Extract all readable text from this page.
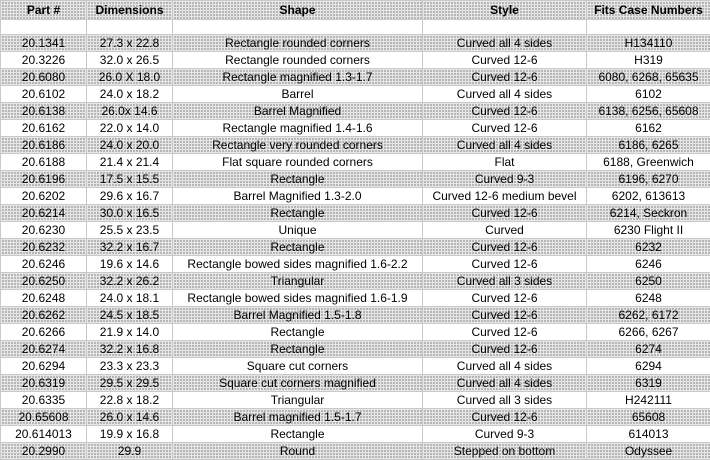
Part #	Dimensions	Shape	Style	Fits Case Numbers

20.1341	27.3 x 22.8	Rectangle rounded corners	Curved all 4 sides	H134110
20.3226	32.0 x 26.5	Rectangle rounded corners	Curved 12-6	H319
20.6080	26.0 X 18.0	Rectangle magnified 1.3-1.7	Curved 12-6	6080, 6268, 65635
20.6102	24.0 x 18.2	Barrel	Curved all 4 sides	6102
20.6138	26.0x 14.6	Barrel Magnified	Curved 12-6	6138, 6256, 65608
20.6162	22.0 x 14.0	Rectangle magnified 1.4-1.6	Curved 12-6	6162
20.6186	24.0 x 20.0	Rectangle very rounded corners	Curved all 4 sides	6186, 6265
20.6188	21.4 x 21.4	Flat square rounded corners	Flat	6188, Greenwich
20.6196	17.5 x 15.5	Rectangle	Curved 9-3	6196, 6270
20.6202	29.6 x 16.7	Barrel Magnified 1.3-2.0	Curved 12-6 medium bevel	6202, 613613
20.6214	30.0 x 16.5	Rectangle	Curved 12-6	6214, Seckron
20.6230	25.5 x 23.5	Unique	Curved	6230 Flight II
20.6232	32.2 x 16.7	Rectangle	Curved 12-6	6232
20.6246	19.6 x 14.6	Rectangle bowed sides magnified 1.6-2.2	Curved 12-6	6246
20.6250	32.2 x 26.2	Triangular	Curved all 3 sides	6250
20.6248	24.0 x 18.1	Rectangle bowed sides magnified 1.6-1.9	Curved 12-6	6248
20.6262	24.5 x 18.5	Barrel Magnified 1.5-1.8	Curved 12-6	6262, 6172
20.6266	21.9 x 14.0	Rectangle	Curved 12-6	6266, 6267
20.6274	32.2 x 16.8	Rectangle	Curved 12-6	6274
20.6294	23.3 x 23.3	Square cut corners	Curved all 4 sides	6294
20.6319	29.5 x 29.5	Square cut corners magnified	Curved all 4 sides	6319
20.6335	22.8 x 18.2	Triangular	Curved all 3 sides	H242111
20.65608	26.0 x 14.6	Barrel magnified 1.5-1.7	Curved 12-6	65608
20.614013	19.9 x 16.8	Rectangle	Curved 9-3	614013
20.2990	29.9	Round	Stepped on bottom	Odyssee
